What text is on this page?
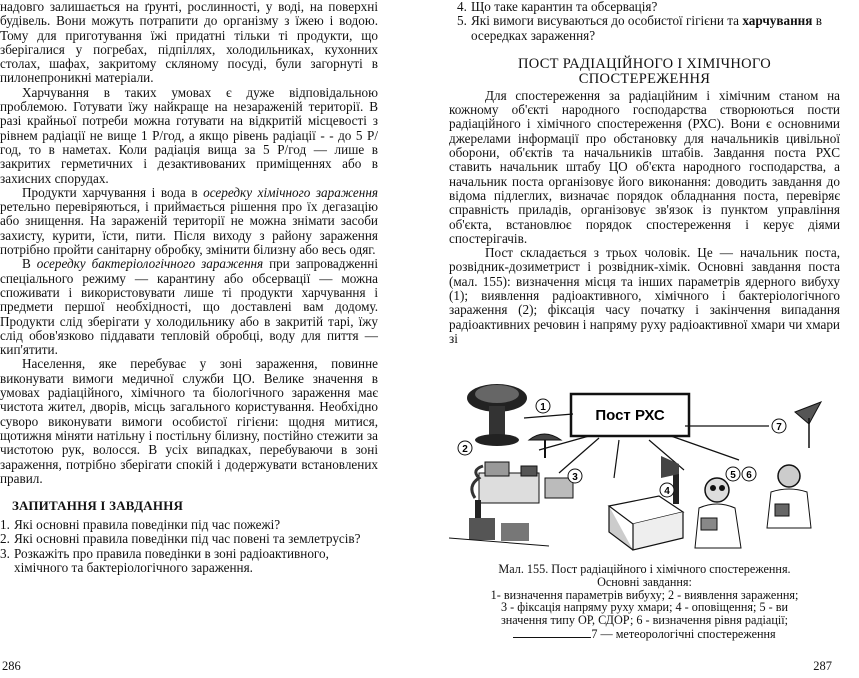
надовго залишається на ґрунті, рослинності, у воді, на поверхні будівель. Вони можуть потрапити до організму з їжею і водою. Тому для приготування їжі придатні тільки ті продукти, що зберігалися у погребах, підпіллях, холодильниках, кухонних столах, шафах, закритому скляному посуді, були загорнуті в пилонепроникні матеріали.

Харчування в таких умовах є дуже відповідальною проблемою. Готувати їжу найкраще на незараженій території. В разі крайньої потреби можна готувати на відкритій місцевості з рівнем радіації не вище 1 Р/год, а якщо рівень радіації - - до 5 Р/год, то в наметах. Коли радіація вища за 5 Р/год — лише в закритих герметичних і дезактивованих приміщеннях або в захисних спорудах.

Продукти харчування і вода в осередку хімічного зараження ретельно перевіряються, і приймається рішення про їх дегазацію або знищення. На зараженій території не можна знімати засоби захисту, курити, їсти, пити. Після виходу з району зараження потрібно пройти санітарну обробку, змінити білизну або весь одяг.

В осередку бактеріологічного зараження при запровадженні спеціального режиму — карантину або обсервації — можна споживати і використовувати лише ті продукти харчування і предмети першої необхідності, що доставлені вам додому. Продукти слід зберігати у холодильнику або в закритій тарі, їжу слід обов'язково піддавати тепловій обробці, воду для пиття — кип'ятити.

Населення, яке перебуває у зоні зараження, повинне виконувати вимоги медичної служби ЦО. Велике значення в умовах радіаційного, хімічного та біологічного зараження має чистота жител, дворів, місць загального користування. Необхідно суворо виконувати вимоги особистої гігієни: щодня митися, щотижня міняти натільну і постільну білизну, постійно стежити за чистотою рук, волосся. В усіх випадках, перебуваючи в зоні зараження, потрібно зберігати спокій і додержувати встановлених правил.

ЗАПИТАННЯ І ЗАВДАННЯ
1. Які основні правила поведінки під час пожежі?
2. Які основні правила поведінки під час повені та землетрусів?
3. Розкажіть про правила поведінки в зоні радіоактивного, хімічного та бактеріологічного зараження.
286
4. Що таке карантин та обсервація?
5. Які вимоги висуваються до особистої гігієни та харчування в осередках зараження?
ПОСТ РАДІАЦІЙНОГО І ХІМІЧНОГО
СПОСТЕРЕЖЕННЯ

Для спостереження за радіаційним і хімічним станом на кожному об'єкті народного господарства створюються пости радіаційного і хімічного спостереження (РХС). Вони є основними джерелами інформації про обстановку для начальників цивільної оборони, об'єктів та начальників штабів. Завдання поста РХС ставить начальник штабу ЦО об'єкта народного господарства, а начальник поста організовує його виконання: доводить завдання до відома підлеглих, визначає порядок обладнання поста, перевіряє справність приладів, організовує зв'язок із пунктом управління об'єкта, встановлює порядок спостереження і керує діями спостерігачів.

Пост складається з трьох чоловік. Це — начальник поста, розвідник-дозиметрист і розвідник-хімік. Основні завдання поста (мал. 155): визначення місця та інших параметрів ядерного вибуху (1); виявлення радіоактивного, хімічного і бактеріологічного зараження (2); фіксація часу початку і закінчення випадання радіоактивних речовин і напряму руху радіоактивної хмари чи хмари зі

Пост РХС
1
2
3
4
5 6
7
Мал. 155. Пост радіаційного і хімічного спостереження.
Основні завдання:
1- визначення параметрів вибуху; 2 - виявлення зараження;
3 - фіксація напряму руху хмари; 4 - оповіщення; 5 - ви
значення типу ОР, СДОР; 6 - визначення рівня радіації;
7 — метеорологічні спостереження
287
